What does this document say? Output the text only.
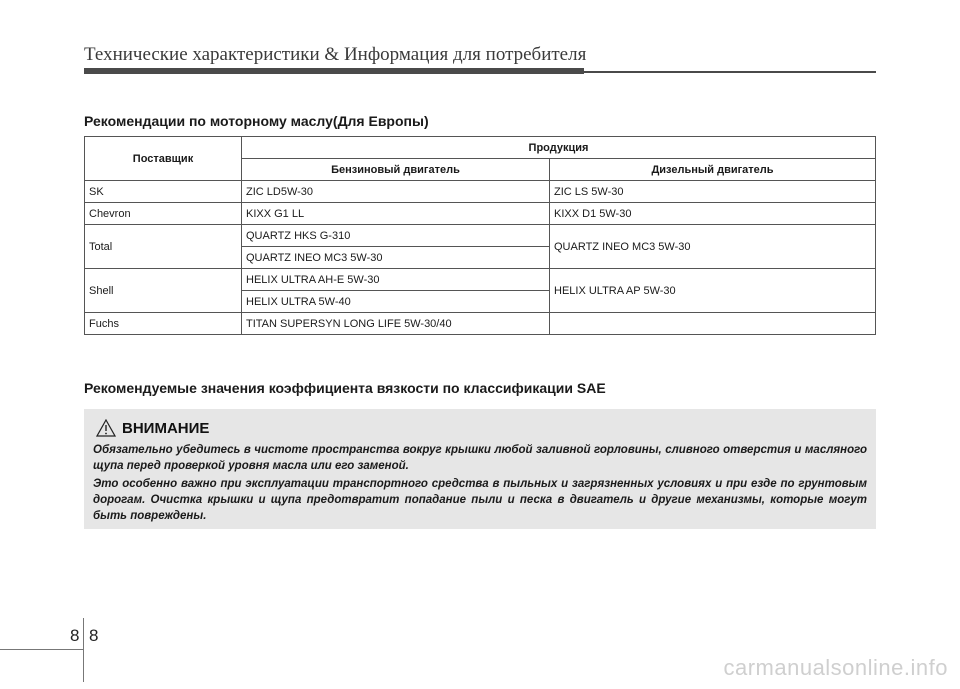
Технические характеристики & Информация для потребителя
Рекомендации по моторному маслу(Для Европы)
Поставщик	Продукция	
	Бензиновый двигатель	Дизельный двигатель
SK	ZIC LD5W-30	ZIC LS 5W-30
Chevron	KIXX G1 LL	KIXX D1 5W-30
Total	QUARTZ HKS G-310	QUARTZ INEO MC3 5W-30
	QUARTZ INEO MC3 5W-30	
Shell	HELIX ULTRA AH-E 5W-30	HELIX ULTRA AP 5W-30
	HELIX ULTRA 5W-40	
Fuchs	TITAN SUPERSYN LONG LIFE 5W-30/40	
Рекомендуемые значения коэффициента вязкости по классификации SAE
ВНИМАНИЕ
Обязательно убедитесь в чистоте пространства вокруг крышки любой заливной горловины, сливного отверстия и масляного щупа перед проверкой уровня масла или его заменой.
Это особенно важно при эксплуатации транспортного средства в пыльных и загрязненных условиях и при езде по грунтовым дорогам. Очистка крышки и щупа предотвратит попадание пыли и песка в двигатель и другие механизмы, которые могут быть повреждены.
8 8
carmanualsonline.info
